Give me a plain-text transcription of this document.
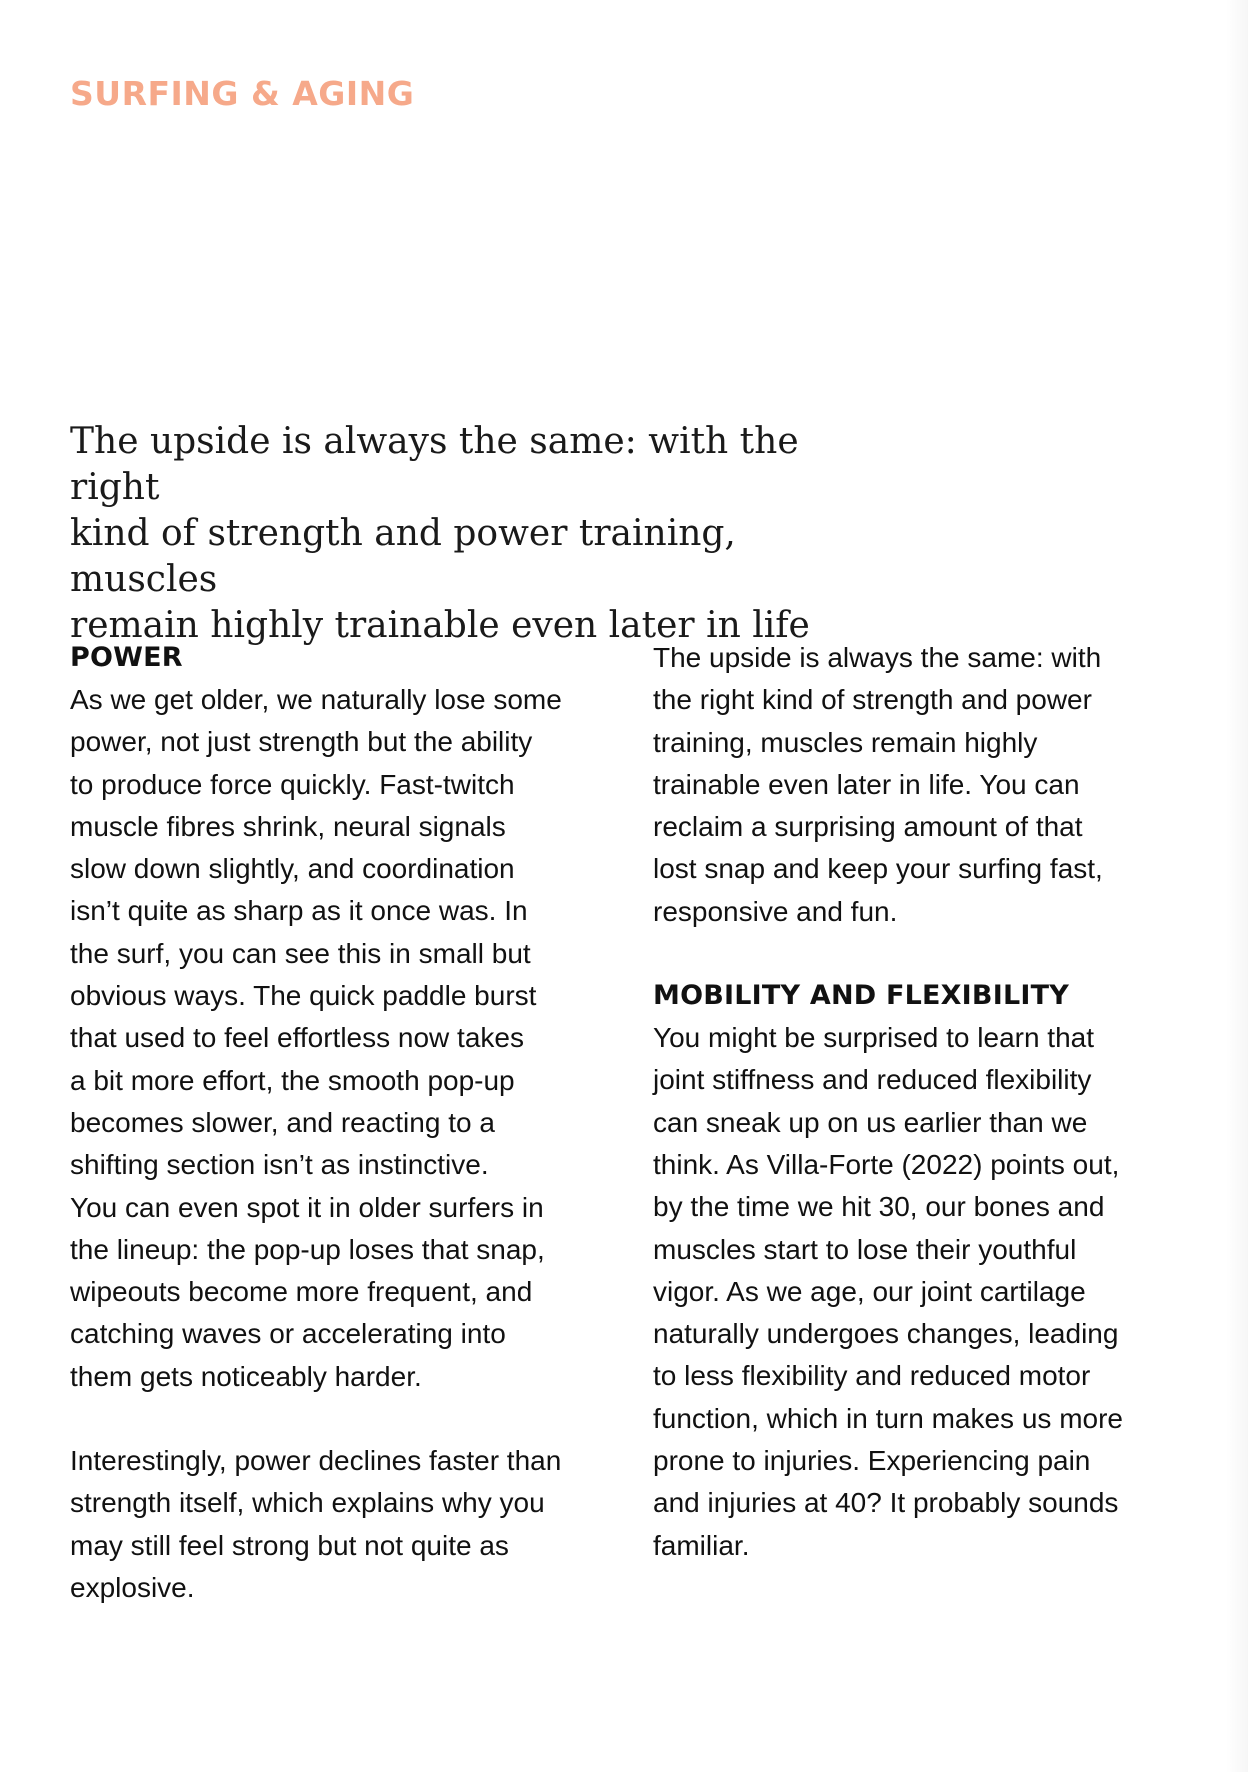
SURFING & AGING
The upside is always the same: with the right
kind of strength and power training, muscles
remain highly trainable even later in life
POWER

As we get older, we naturally lose some
power, not just strength but the ability
to produce force quickly. Fast-twitch
muscle fibres shrink, neural signals
slow down slightly, and coordination
isn’t quite as sharp as it once was. In
the surf, you can see this in small but
obvious ways. The quick paddle burst
that used to feel effortless now takes
a bit more effort, the smooth pop-up
becomes slower, and reacting to a
shifting section isn’t as instinctive.
You can even spot it in older surfers in
the lineup: the pop-up loses that snap,
wipeouts become more frequent, and
catching waves or accelerating into
them gets noticeably harder.

Interestingly, power declines faster than
strength itself, which explains why you
may still feel strong but not quite as
explosive.

The upside is always the same: with
the right kind of strength and power
training, muscles remain highly
trainable even later in life. You can
reclaim a surprising amount of that
lost snap and keep your surfing fast,
responsive and fun.

MOBILITY AND FLEXIBILITY

You might be surprised to learn that
joint stiffness and reduced flexibility
can sneak up on us earlier than we
think. As Villa-Forte (2022) points out,
by the time we hit 30, our bones and
muscles start to lose their youthful
vigor. As we age, our joint cartilage
naturally undergoes changes, leading
to less flexibility and reduced motor
function, which in turn makes us more
prone to injuries. Experiencing pain
and injuries at 40? It probably sounds
familiar.
